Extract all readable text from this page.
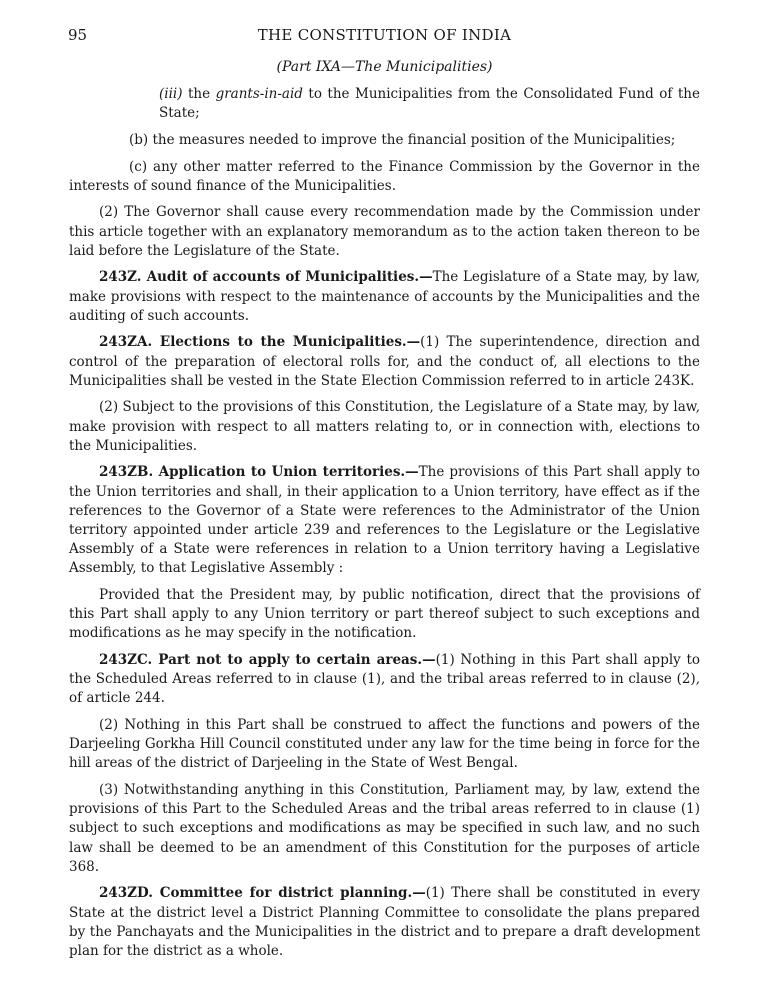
95	THE CONSTITUTION OF INDIA
(Part IXA—The Municipalities)

(iii) the grants-in-aid to the Municipalities from the Consolidated Fund of the State;

(b) the measures needed to improve the financial position of the Municipalities;

(c) any other matter referred to the Finance Commission by the Governor in the interests of sound finance of the Municipalities.

(2) The Governor shall cause every recommendation made by the Commission under this article together with an explanatory memorandum as to the action taken thereon to be laid before the Legislature of the State.

243Z. Audit of accounts of Municipalities.—The Legislature of a State may, by law, make provisions with respect to the maintenance of accounts by the Municipalities and the auditing of such accounts.

243ZA. Elections to the Municipalities.—(1) The superintendence, direction and control of the preparation of electoral rolls for, and the conduct of, all elections to the Municipalities shall be vested in the State Election Commission referred to in article 243K.

(2) Subject to the provisions of this Constitution, the Legislature of a State may, by law, make provision with respect to all matters relating to, or in connection with, elections to the Municipalities.

243ZB. Application to Union territories.—The provisions of this Part shall apply to the Union territories and shall, in their application to a Union territory, have effect as if the references to the Governor of a State were references to the Administrator of the Union territory appointed under article 239 and references to the Legislature or the Legislative Assembly of a State were references in relation to a Union territory having a Legislative Assembly, to that Legislative Assembly :

Provided that the President may, by public notification, direct that the provisions of this Part shall apply to any Union territory or part thereof subject to such exceptions and modifications as he may specify in the notification.

243ZC. Part not to apply to certain areas.—(1) Nothing in this Part shall apply to the Scheduled Areas referred to in clause (1), and the tribal areas referred to in clause (2), of article 244.

(2) Nothing in this Part shall be construed to affect the functions and powers of the Darjeeling Gorkha Hill Council constituted under any law for the time being in force for the hill areas of the district of Darjeeling in the State of West Bengal.

(3) Notwithstanding anything in this Constitution, Parliament may, by law, extend the provisions of this Part to the Scheduled Areas and the tribal areas referred to in clause (1) subject to such exceptions and modifications as may be specified in such law, and no such law shall be deemed to be an amendment of this Constitution for the purposes of article 368.

243ZD. Committee for district planning.—(1) There shall be constituted in every State at the district level a District Planning Committee to consolidate the plans prepared by the Panchayats and the Municipalities in the district and to prepare a draft development plan for the district as a whole.
